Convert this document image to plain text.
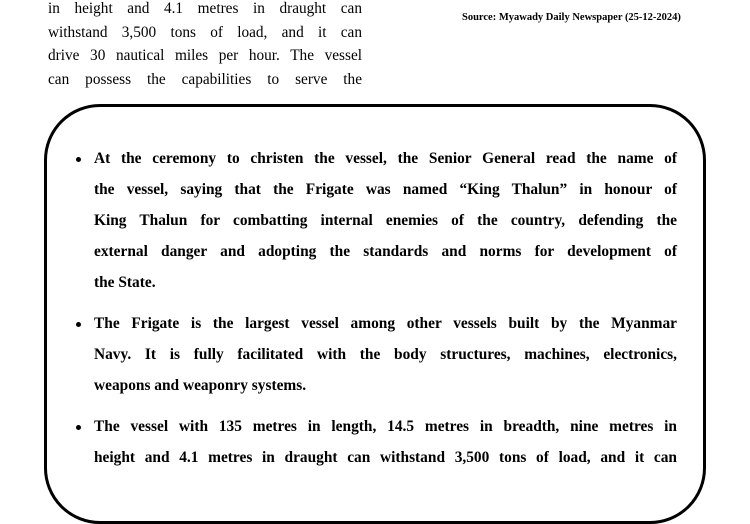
in height and 4.1 metres in draught can
withstand 3,500 tons of load, and it can
drive 30 nautical miles per hour. The vessel
can possess the capabilities to serve the
Source: Myawady Daily Newspaper (25-12-2024)
At the ceremony to christen the vessel, the Senior General read the name of
the vessel, saying that the Frigate was named “King Thalun” in honour of
King Thalun for combatting internal enemies of the country, defending the
external danger and adopting the standards and norms for development of
the State.
The Frigate is the largest vessel among other vessels built by the Myanmar
Navy. It is fully facilitated with the body structures, machines, electronics,
weapons and weaponry systems.
The vessel with 135 metres in length, 14.5 metres in breadth, nine metres in
height and 4.1 metres in draught can withstand 3,500 tons of load, and it can
